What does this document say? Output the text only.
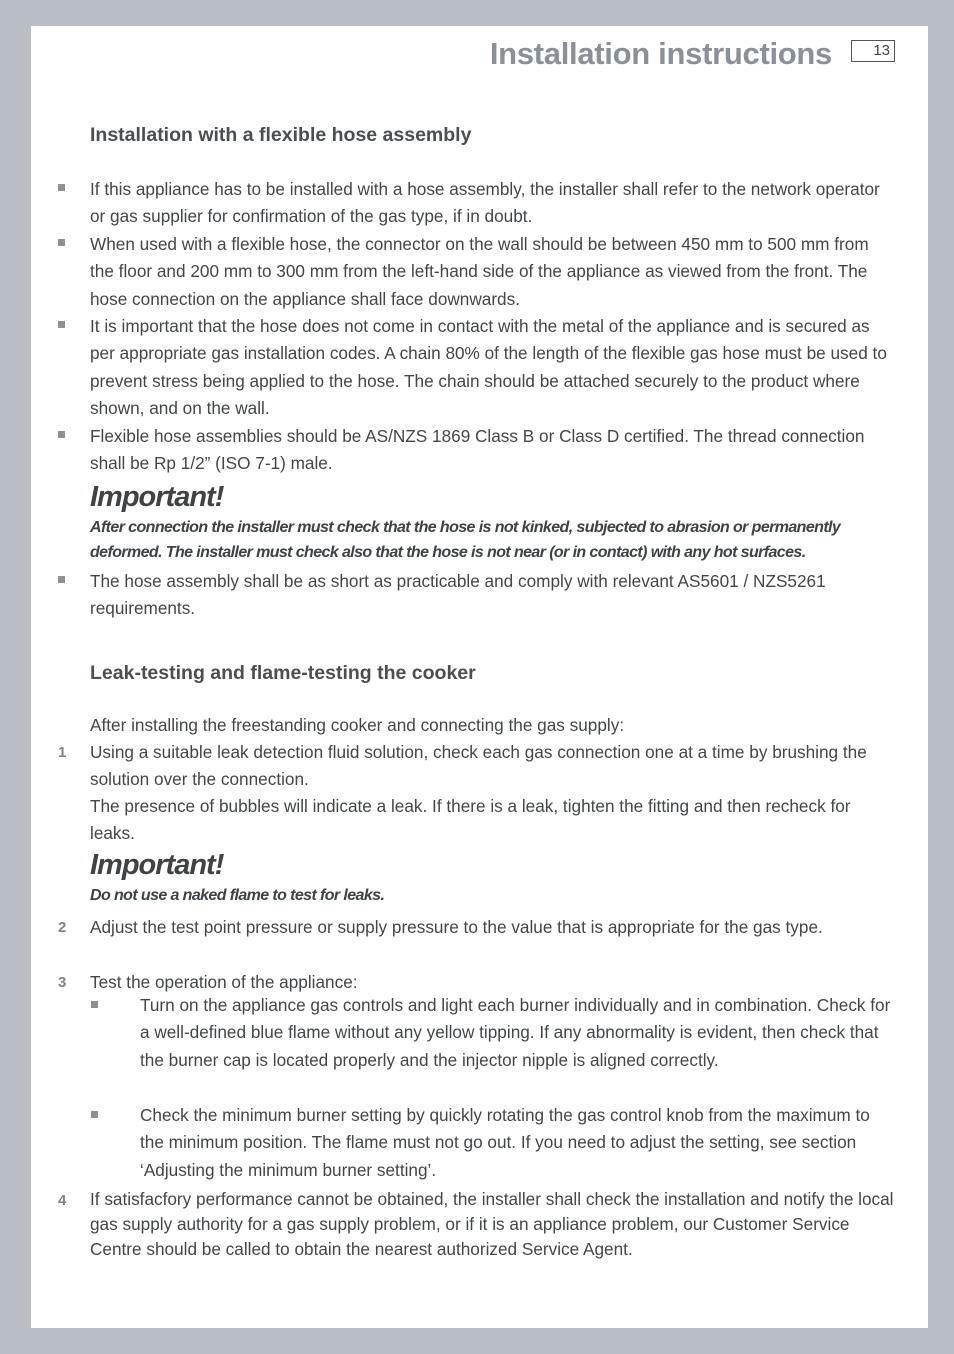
Installation instructions	13
Installation with a flexible hose assembly
If this appliance has to be installed with a hose assembly, the installer shall refer to the network operator or gas supplier for confirmation of the gas type, if in doubt.
When used with a flexible hose, the connector on the wall should be between 450 mm to 500 mm from the floor and 200 mm to 300 mm from the left-hand side of the appliance as viewed from the front. The hose connection on the appliance shall face downwards.
It is important that the hose does not come in contact with the metal of the appliance and is secured as per appropriate gas installation codes. A chain 80% of the length of the flexible gas hose must be used to prevent stress being applied to the hose. The chain should be attached securely to the product where shown, and on the wall.
Flexible hose assemblies should be AS/NZS 1869 Class B or Class D certified. The thread connection shall be Rp 1/2” (ISO 7-1) male.
Important!
After connection the installer must check that the hose is not kinked, subjected to abrasion or permanently deformed. The installer must check also that the hose is not near (or in contact) with any hot surfaces.
The hose assembly shall be as short as practicable and comply with relevant AS5601 / NZS5261 requirements.
Leak-testing and flame-testing the cooker
After installing the freestanding cooker and connecting the gas supply:
1 Using a suitable leak detection fluid solution, check each gas connection one at a time by brushing the solution over the connection.
The presence of bubbles will indicate a leak. If there is a leak, tighten the fitting and then recheck for leaks.
Important!
Do not use a naked flame to test for leaks.
2 Adjust the test point pressure or supply pressure to the value that is appropriate for the gas type.
3 Test the operation of the appliance:
Turn on the appliance gas controls and light each burner individually and in combination. Check for a well-defined blue flame without any yellow tipping. If any abnormality is evident, then check that the burner cap is located properly and the injector nipple is aligned correctly.
Check the minimum burner setting by quickly rotating the gas control knob from the maximum to the minimum position. The flame must not go out. If you need to adjust the setting, see section ‘Adjusting the minimum burner setting’.
4 If satisfacfory performance cannot be obtained, the installer shall check the installation and notify the local gas supply authority for a gas supply problem, or if it is an appliance problem, our Customer Service Centre should be called to obtain the nearest authorized Service Agent.
